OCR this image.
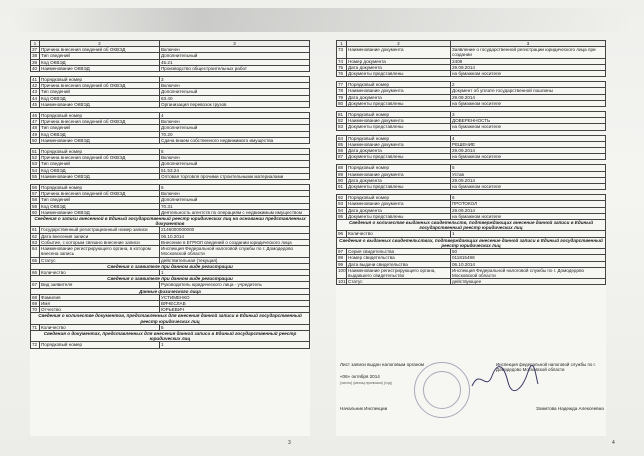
1	2	3
37	Причина внесения сведений об ОКВЭД	Включен
38	Тип сведений	Дополнительный
39	Код ОКВЭД	45.21
40	Наименование ОКВЭД	Производство общестроительных работ

41	Порядковый номер	3
42	Причина внесения сведений об ОКВЭД	Включен
43	Тип сведений	Дополнительный
44	Код ОКВЭД	63.40
45	Наименование ОКВЭД	Организация перевозок грузов

46	Порядковый номер	4
47	Причина внесения сведений об ОКВЭД	Включен
48	Тип сведений	Дополнительный
49	Код ОКВЭД	70.20
50	Наименование ОКВЭД	Сдача внаем собственного недвижимого имущества

51	Порядковый номер	5
52	Причина внесения сведений об ОКВЭД	Включен
53	Тип сведений	Дополнительный
54	Код ОКВЭД	51.53.24
55	Наименование ОКВЭД	Оптовая торговля прочими строительными материалами

56	Порядковый номер	6
57	Причина внесения сведений об ОКВЭД	Включен
58	Тип сведений	Дополнительный
59	Код ОКВЭД	70.31
60	Наименование ОКВЭД	Деятельность агентств по операциям с недвижимым имуществом
Сведения о записи внесенной в Единый государственный реестр юридических лиц на основании представленных документов		
61	Государственный регистрационный номер записи	2146000000000
62	Дата внесения записи	06.10.2014
63	Событие, с которым связано внесение записи	Внесение в ЕГРЮЛ сведений о создании юридического лица
64	Наименование регистрирующего органа, в котором внесена запись	Инспекция Федеральной налоговой службы по г. Домодедово Московской области
65	Статус	действительная (текущая)
Сведения о заявителе при данном виде регистрации		
66	Количество	1
Сведения о заявителе при данном виде регистрации		
67	Вид заявителя	Руководитель юридического лица - учредитель
Данные физического лица		
68	Фамилия	УСТИМЕНКО
69	Имя	ВЯЧЕСЛАВ
70	Отчество	ЮРЬЕВИЧ
Сведения о количестве документов, представленных для внесения данной записи в Единый государственный реестр юридических лиц		
71	Количество	5
Сведения о документах, представленных для внесения данной записи в Единый государственный реестр юридических лиц		
72	Порядковый номер	1
1	2	3
73	Наименование документа	Заявление о государственной регистрации юридического лица при создании
74	Номер документа	2408
75	Дата документа	29.09.2014
76	Документы представлены	на бумажном носителе

77	Порядковый номер	2
78	Наименование документа	Документ об уплате государственной пошлины
79	Дата документа	29.09.2014
80	Документы представлены	на бумажном носителе

81	Порядковый номер	3
82	Наименование документа	ДОВЕРЕННОСТЬ
83	Документы представлены	на бумажном носителе

84	Порядковый номер	4
85	Наименование документа	РЕШЕНИЕ
86	Дата документа	29.09.2014
87	Документы представлены	на бумажном носителе

88	Порядковый номер	5
89	Наименование документа	Устав
90	Дата документа	29.09.2014
91	Документы представлены	на бумажном носителе

92	Порядковый номер	6
93	Наименование документа	ПРОТОКОЛ
94	Дата документа	29.09.2014
95	Документы представлены	на бумажном носителе
Сведения о количестве выданных свидетельств, подтверждающих внесение данной записи в Единый государственный реестр юридических лиц		
96	Количество	1
Сведения о выданных свидетельствах, подтверждающих внесение данной записи в Единый государственный реестр юридических лиц		
97	Серия свидетельства	50
98	Номер свидетельства	011815498
99	Дата выдачи свидетельства	06.10.2014
100	Наименование регистрирующего органа, выдавшего свидетельство	Инспекция Федеральной налоговой службы по г. Домодедово Московской области
101	Статус	действующее
Лист записи выдан налоговым органом	Инспекция федеральной налоговой службы по г. Домодедово Московской области
«06» октября 2014
(число) (месяц прописью) (год)
Начальник Инспекции	Зомитова Надежда Алексеевна
3	4
